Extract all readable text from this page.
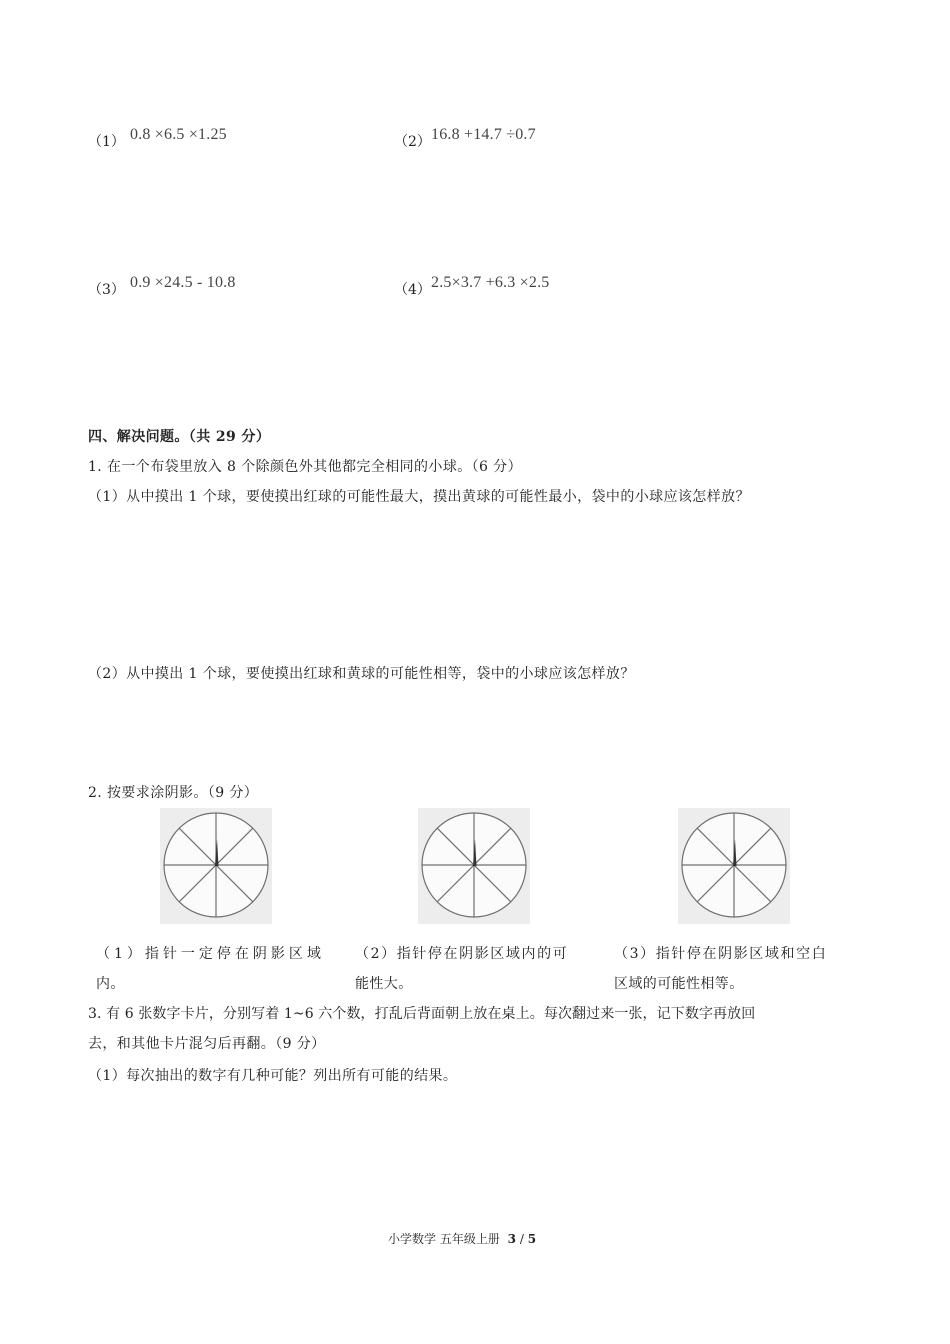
（1） 0.8 ×6.5 ×1.25	（2） 16.8 +14.7 ÷0.7
（3） 0.9 ×24.5 - 10.8	（4） 2.5×3.7 +6.3 ×2.5
四、解决问题。（共 29 分）
1. 在一个布袋里放入 8 个除颜色外其他都完全相同的小球。（6 分）
（1）从中摸出 1 个球，要使摸出红球的可能性最大，摸出黄球的可能性最小，袋中的小球应该怎样放？
（2）从中摸出 1 个球，要使摸出红球和黄球的可能性相等，袋中的小球应该怎样放？
2. 按要求涂阴影。（9 分）
（1）指针一定停在阴影区域
内。
（2）指针停在阴影区域内的可
能性大。
（3）指针停在阴影区域和空白
区域的可能性相等。
3. 有 6 张数字卡片，分别写着 1~6 六个数，打乱后背面朝上放在桌上。每次翻过来一张，记下数字再放回
去，和其他卡片混匀后再翻。（9 分）
（1）每次抽出的数字有几种可能？列出所有可能的结果。
小学数学 五年级上册 3 / 5
